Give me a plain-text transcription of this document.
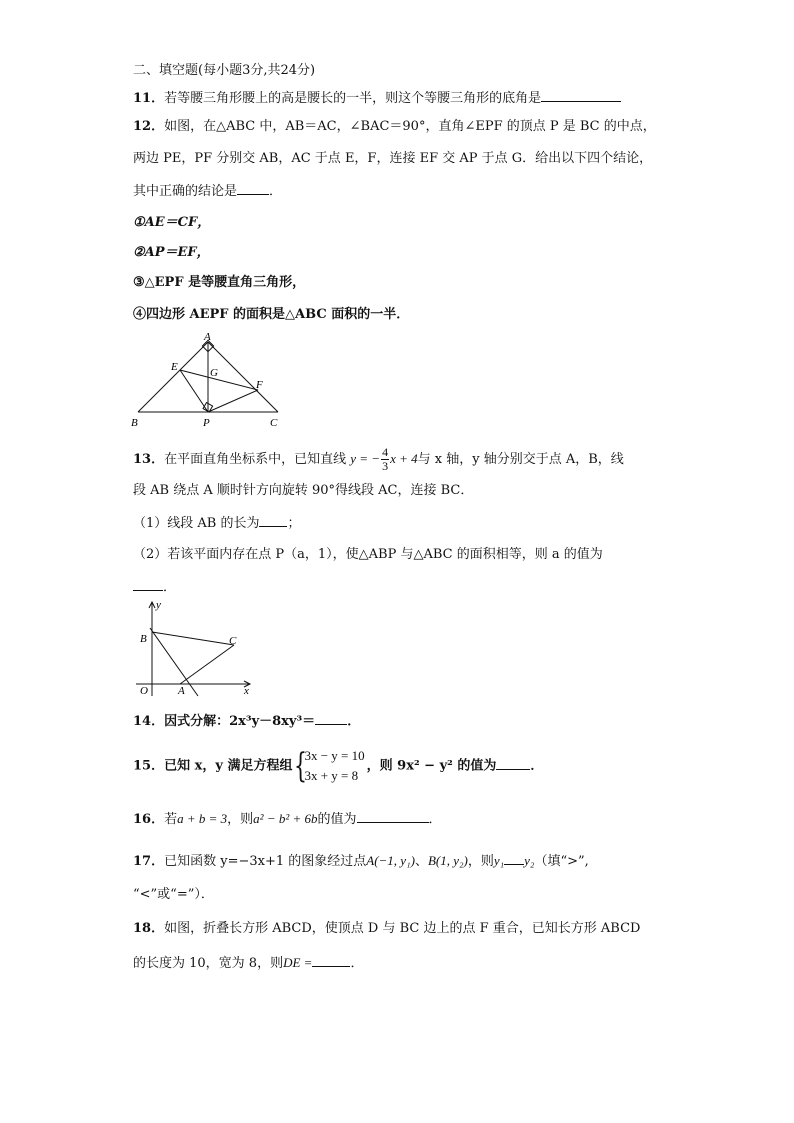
二、填空题(每小题3分,共24分)
11．若等腰三角形腰上的高是腰长的一半，则这个等腰三角形的底角是
12．如图，在△ABC 中，AB＝AC，∠BAC＝90°，直角∠EPF 的顶点 P 是 BC 的中点，
两边 PE，PF 分别交 AB，AC 于点 E，F，连接 EF 交 AP 于点 G．给出以下四个结论，
其中正确的结论是 ．
①AE＝CF，
②AP＝EF，
③△EPF 是等腰直角三角形，
④四边形 AEPF 的面积是△ABC 面积的一半．
A
E	G
F
B	P	C
13．在平面直角坐标系中，已知直线 y = − $\frac{4}{3}$ x + 4与 x 轴，y 轴分别交于点 A，B，线
段 AB 绕点 A 顺时针方向旋转 90°得线段 AC，连接 BC．
（1）线段 AB 的长为 ；
（2）若该平面内存在点 P（a，1），使△ABP 与△ABC 的面积相等，则 a 的值为
．
y
x
O	A
B	C
14．因式分解：2x³y－8xy³＝ ．
15．已知 x，y 满足方程组 {
3x − y = 10
3x + y = 8
，则 9x² − y² 的值为	．
16．若a + b = 3，则a² − b² + 6b的值为	．
17．已知函数 y=−3x+1 的图象经过点A(−1, y₁)、B(1, y₂)，则y₁ y₂（填“>”,
“<”或“=”）．
18．如图，折叠长方形 ABCD，使顶点 D 与 BC 边上的点 F 重合，已知长方形 ABCD
的长度为 10，宽为 8，则DE =	．
